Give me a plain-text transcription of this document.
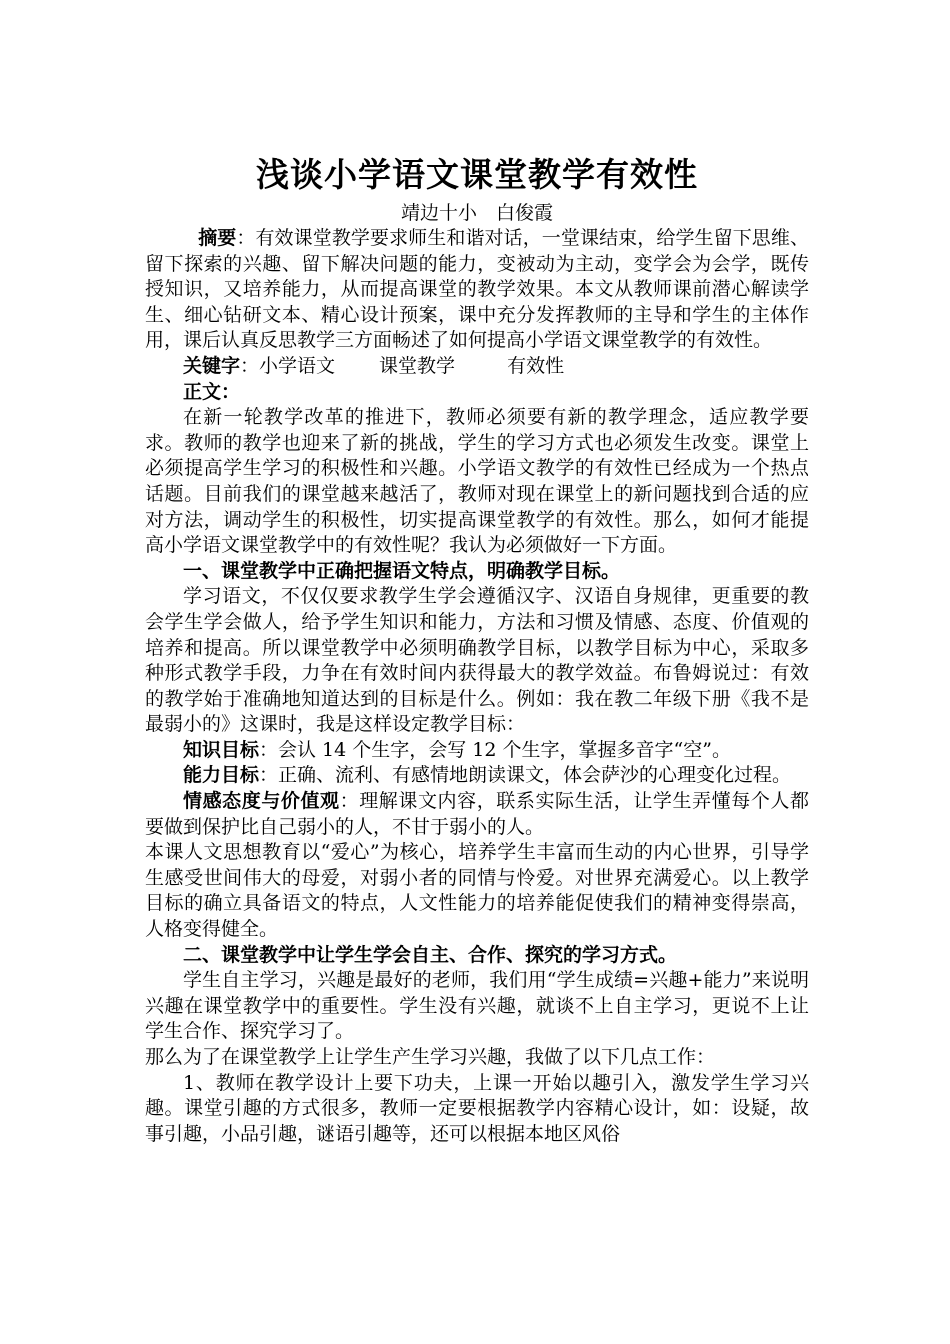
浅谈小学语文课堂教学有效性

靖边十小　白俊霞

摘要：有效课堂教学要求师生和谐对话，一堂课结束，给学生留下思维、留下探索的兴趣、留下解决问题的能力，变被动为主动，变学会为会学，既传授知识，又培养能力，从而提高课堂的教学效果。本文从教师课前潜心解读学生、细心钻研文本、精心设计预案，课中充分发挥教师的主导和学生的主体作用，课后认真反思教学三方面畅述了如何提高小学语文课堂教学的有效性。

关键字：小学语文 课堂教学	有效性

正文：

在新一轮教学改革的推进下，教师必须要有新的教学理念，适应教学要求。教师的教学也迎来了新的挑战，学生的学习方式也必须发生改变。课堂上必须提高学生学习的积极性和兴趣。小学语文教学的有效性已经成为一个热点话题。目前我们的课堂越来越活了，教师对现在课堂上的新问题找到合适的应对方法，调动学生的积极性，切实提高课堂教学的有效性。那么，如何才能提高小学语文课堂教学中的有效性呢？我认为必须做好一下方面。

一、课堂教学中正确把握语文特点，明确教学目标。

学习语文，不仅仅要求教学生学会遵循汉字、汉语自身规律，更重要的教会学生学会做人，给予学生知识和能力，方法和习惯及情感、态度、价值观的培养和提高。所以课堂教学中必须明确教学目标，以教学目标为中心，采取多种形式教学手段，力争在有效时间内获得最大的教学效益。布鲁姆说过：有效的教学始于准确地知道达到的目标是什么。例如：我在教二年级下册《我不是最弱小的》这课时，我是这样设定教学目标：

知识目标：会认 14 个生字，会写 12 个生字，掌握多音字“空”。

能力目标：正确、流利、有感情地朗读课文，体会萨沙的心理变化过程。

情感态度与价值观：理解课文内容，联系实际生活，让学生弄懂每个人都要做到保护比自己弱小的人，不甘于弱小的人。

本课人文思想教育以“爱心”为核心，培养学生丰富而生动的内心世界，引导学生感受世间伟大的母爱，对弱小者的同情与怜爱。对世界充满爱心。以上教学目标的确立具备语文的特点，人文性能力的培养能促使我们的精神变得崇高，人格变得健全。

二、课堂教学中让学生学会自主、合作、探究的学习方式。

学生自主学习，兴趣是最好的老师，我们用“学生成绩=兴趣+能力”来说明兴趣在课堂教学中的重要性。学生没有兴趣，就谈不上自主学习，更说不上让学生合作、探究学习了。

那么为了在课堂教学上让学生产生学习兴趣，我做了以下几点工作：

1、教师在教学设计上要下功夫，上课一开始以趣引入，激发学生学习兴趣。课堂引趣的方式很多，教师一定要根据教学内容精心设计，如：设疑，故事引趣，小品引趣，谜语引趣等，还可以根据本地区风俗
